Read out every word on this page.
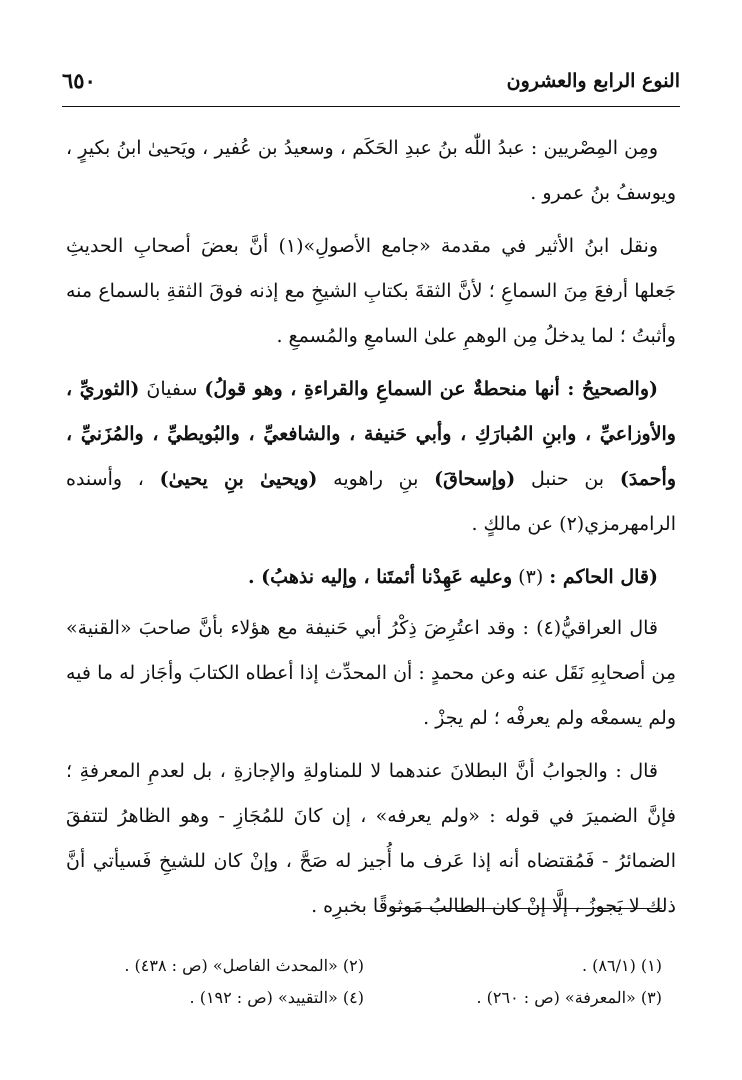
النوع الرابع والعشرون
٦٥٠

ومِن المِصْريين : عبدُ اللّٰه بنُ عبدِ الحَكَم ، وسعيدُ بن عُفير ، ويَحيىٰ ابنُ بكيرٍ ، ويوسفُ بنُ عمرو .

ونقل ابنُ الأثير في مقدمة «جامع الأصولِ»(١) أنَّ بعضَ أصحابِ الحديثِ جَعلها أرفعَ مِنَ السماعِ ؛ لأنَّ الثقةَ بكتابِ الشيخِ مع إذنه فوقَ الثقةِ بالسماع منه وأثبتُ ؛ لما يدخلُ مِن الوهمِ علىٰ السامعِ والمُسمعِ .

(والصحيحُ : أنها منحطةٌ عن السماعِ والقراءةِ ، وهو قولُ) سفيانَ (الثوريِّ ، والأوزاعيِّ ، وابنِ المُبارَكِ ، وأبي حَنيفة ، والشافعيِّ ، والبُويطيِّ ، والمُزَنيِّ ، وأحمدَ) بن حنبل (وإسحاقَ) بنِ راهويه (ويحيىٰ بنِ يحيىٰ) ، وأسنده الرامهرمزي(٢) عن مالكٍ .

(قال الحاكم : (٣) وعليه عَهِدْنا أئمتَنا ، وإليه نذهبُ) .

قال العراقيُّ(٤) : وقد اعتُرِضَ ذِكْرُ أبي حَنيفة مع هؤلاء بأنَّ صاحبَ «القنية» مِن أصحابِهِ نَقَل عنه وعن محمدٍ : أن المحدِّث إذا أعطاه الكتابَ وأجَاز له ما فيه ولم يسمعْه ولم يعرفْه ؛ لم يجزْ .

قال : والجوابُ أنَّ البطلانَ عندهما لا للمناولةِ والإجازةِ ، بل لعدمِ المعرفةِ ؛ فإنَّ الضميرَ في قوله : «ولم يعرفه» ، إن كانَ للمُجَازِ - وهو الظاهرُ لتتفقَ الضمائرُ - فَمُقتضاه أنه إذا عَرف ما أُجيز له صَحَّ ، وإنْ كان للشيخِ فَسيأتي أنَّ ذلك لا يَجوزُ ، إلَّا إنْ كان الطالبُ مَوثوقًا بخبرِه .

(١) (٨٦/١) .
(٢) «المحدث الفاصل» (ص : ٤٣٨) .
(٣) «المعرفة» (ص : ٢٦٠) .
(٤) «التقييد» (ص : ١٩٢) .
